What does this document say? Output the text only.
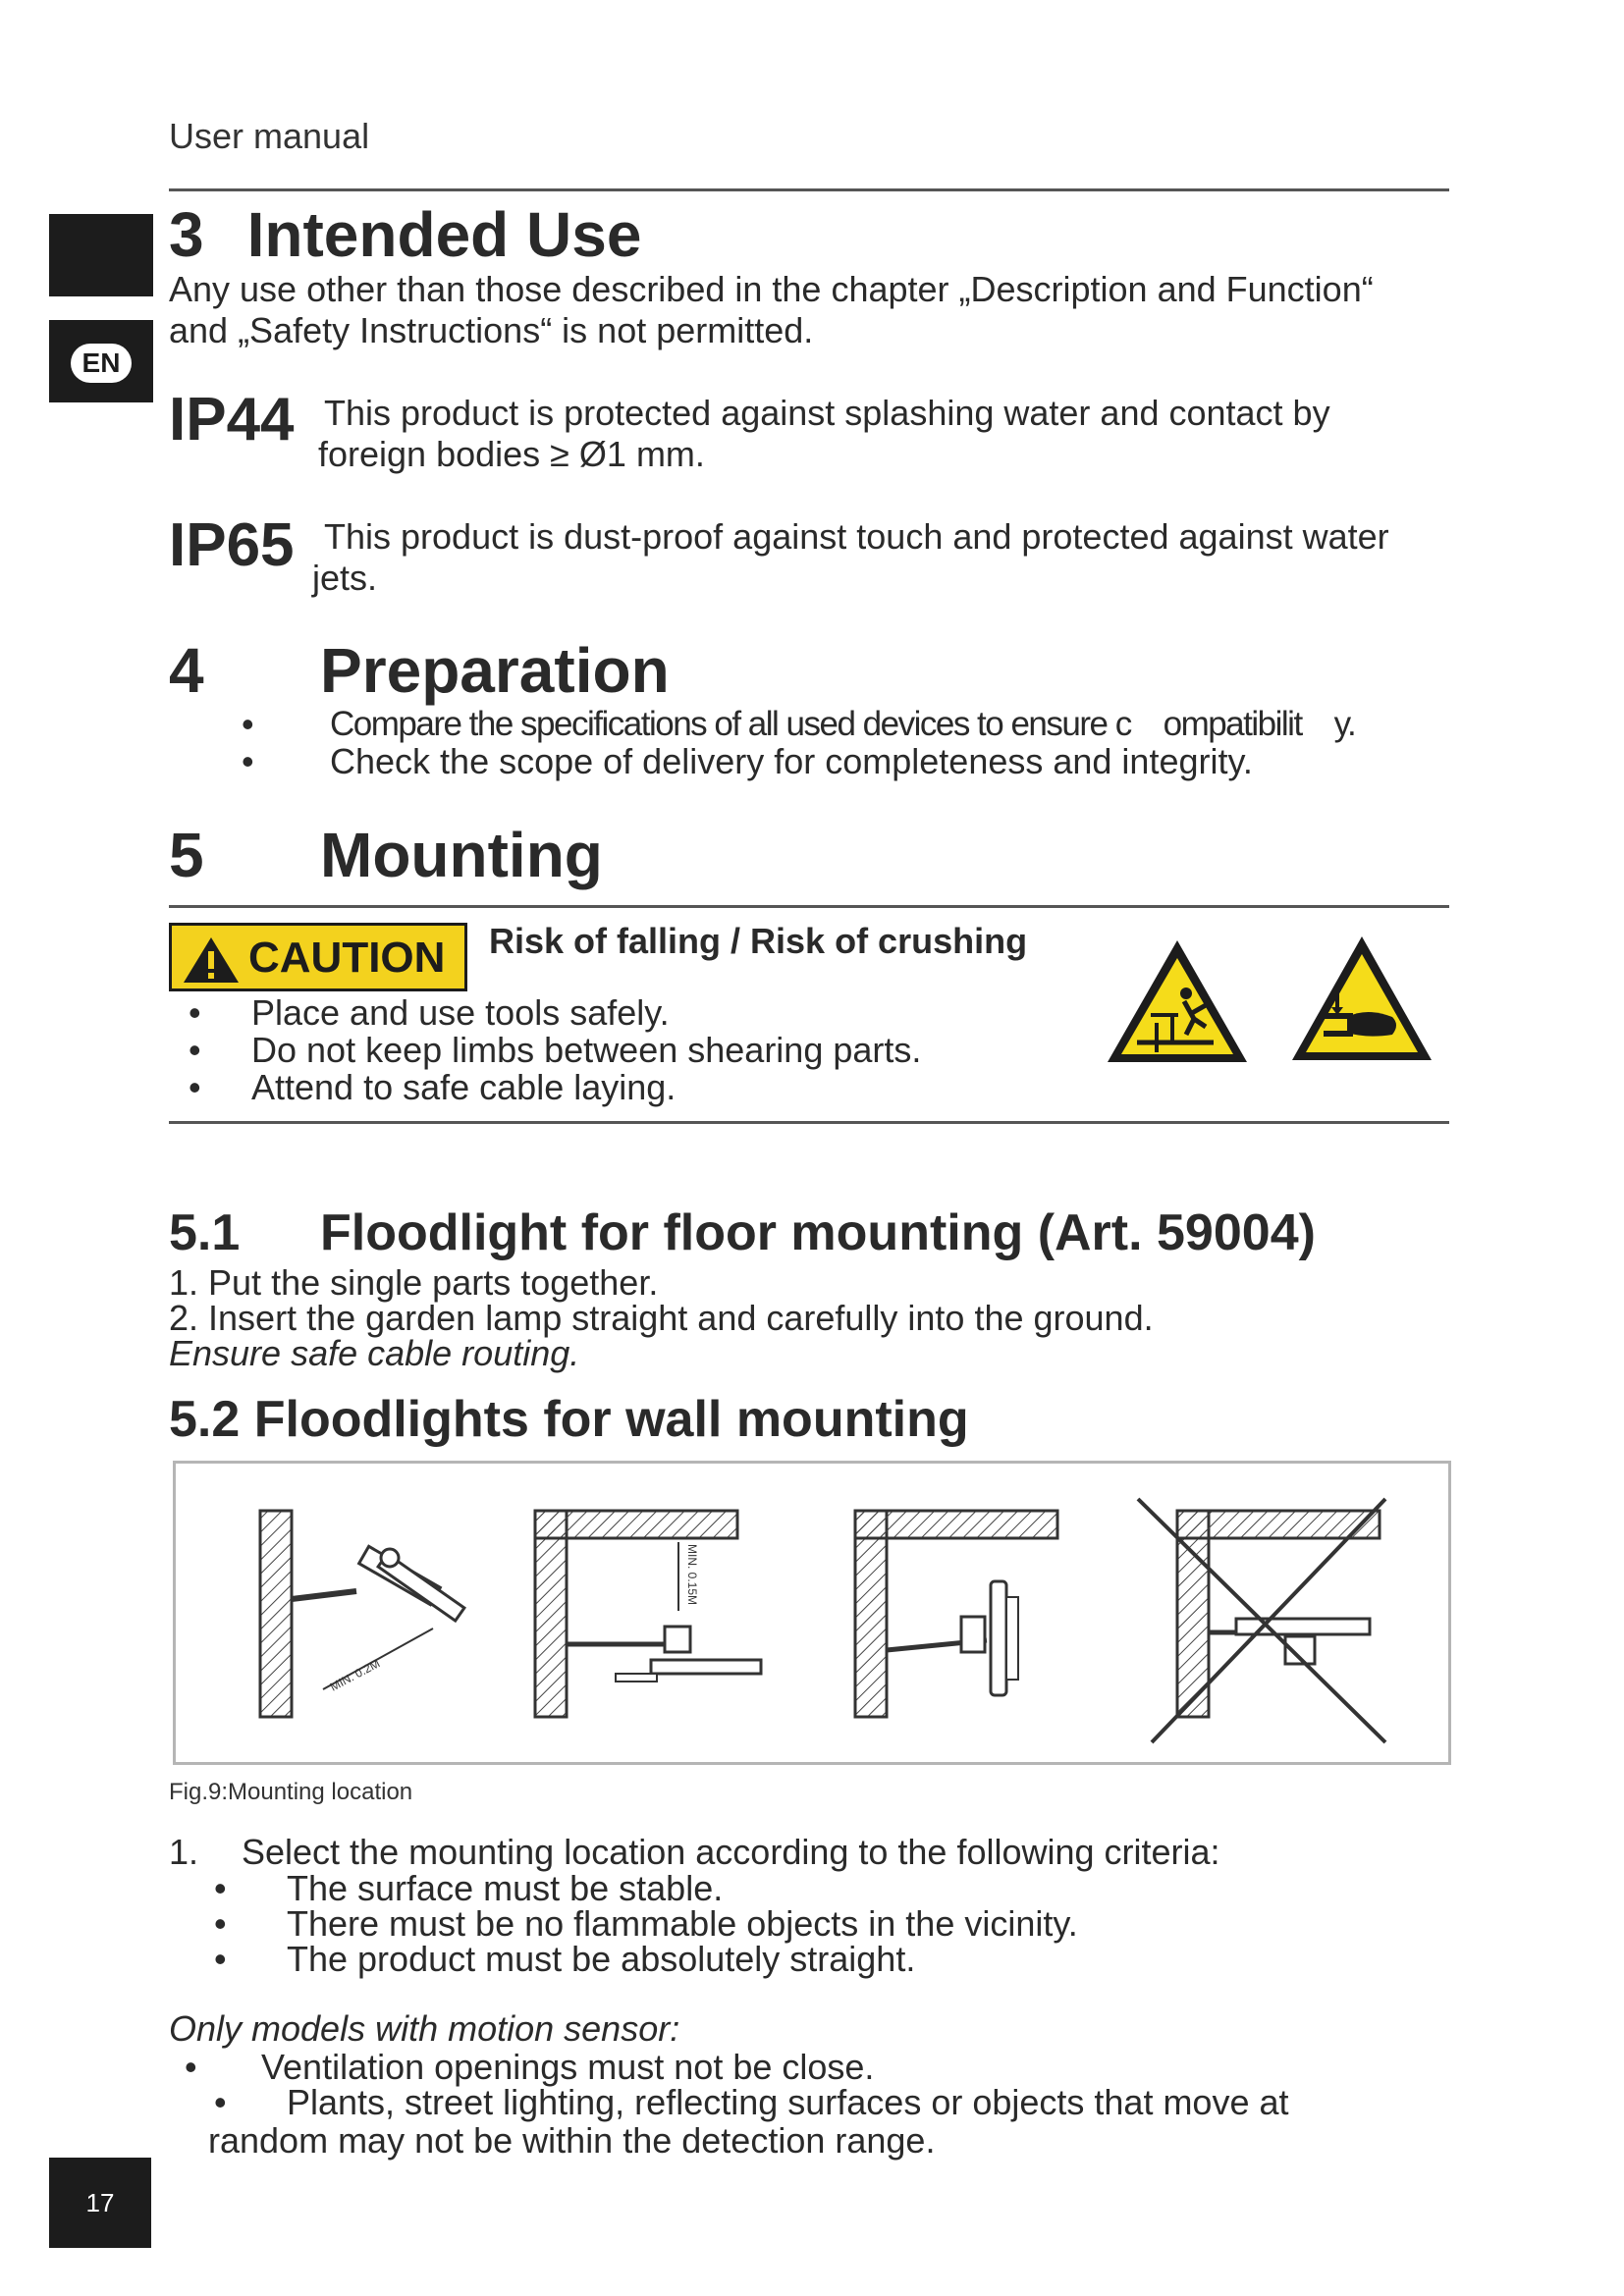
User manual
EN
17
3 Intended Use
Any use other than those described in the chapter „Description and Function“
and „Safety Instructions“ is not permitted.
IP44 This product is protected against splashing water and contact by
foreign bodies ≥ Ø1 mm.
IP65 This product is dust-proof against touch and protected against water
jets.
4 Preparation
• Compare the specifications of all used devices to ensure c    ompatibilit    y.
• Check the scope of delivery for completeness and integrity.
5 Mounting
CAUTION Risk of falling / Risk of crushing
• Place and use tools safely.
• Do not keep limbs between shearing parts.
• Attend to safe cable laying.
5.1 Floodlight for floor mounting (Art. 59004)
1. Put the single parts together.
2. Insert the garden lamp straight and carefully into the ground.
Ensure safe cable routing.
5.2 Floodlights for wall mounting
MIN. 0.2M
MIN. 0.15M
Fig.9:Mounting location
1. Select the mounting location according to the following criteria:
• The surface must be stable.
• There must be no flammable objects in the vicinity.
• The product must be absolutely straight.
Only models with motion sensor:
• Ventilation openings must not be close.
• Plants, street lighting, reflecting surfaces or objects that move at
random may not be within the detection range.
